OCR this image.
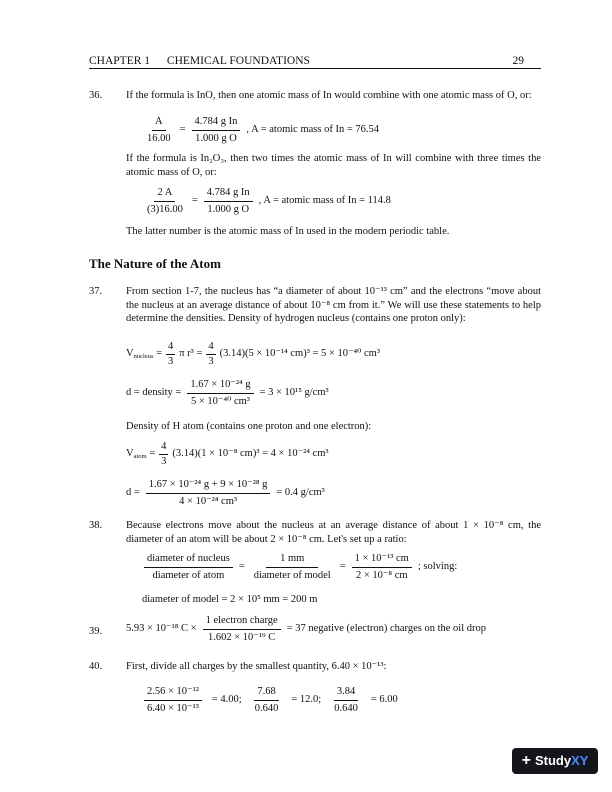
CHAPTER 1 CHEMICAL FOUNDATIONS	29
36. If the formula is InO, then one atomic mass of In would combine with one atomic mass of O, or:
$\frac{A}{16.00} = \frac{\text{4.784 g In}}{\text{1.000 g O}}$ , A = atomic mass of In = 76.54
If the formula is In₂O₃, then two times the atomic mass of In will combine with three times the atomic mass of O, or:
$\frac{2 A}{(3)16.00} = \frac{\text{4.784 g In}}{\text{1.000 g O}}$ , A = atomic mass of In = 114.8
The latter number is the atomic mass of In used in the modern periodic table.
The Nature of the Atom
37. From section 1-7, the nucleus has “a diameter of about 10⁻¹³ cm” and the electrons “move about the nucleus at an average distance of about 10⁻⁸ cm from it.” We will use these statements to help determine the densities. Density of hydrogen nucleus (contains one proton only):
$V_{nucleus} = \frac{4}{3}$ π $r^3 = \frac{4}{3} (3.14)(5 \times 10^{-14}$ cm)³ = 5 × 10⁻⁴⁰ cm³
d = density = $\frac{\text{1.67 × 10⁻²⁴ g}}{\text{5 × 10⁻⁴⁰ cm³}} = 3 \times 10^{15}$ g/cm³
Density of H atom (contains one proton and one electron):
$V_{atom} = \frac{4}{3} (3.14)(1 \times 10^{-8}$ cm)³ = 4 × 10⁻²⁴ cm³
$d = \frac{\text{1.67 × 10⁻²⁴ g + 9 × 10⁻²⁸ g}}{\text{4 × 10⁻²⁴ cm³}} = 0.4$ g/cm³
38. Because electrons move about the nucleus at an average distance of about 1 × 10⁻⁸ cm, the diameter of an atom will be about 2 × 10⁻⁸ cm. Let's set up a ratio:
$\frac{\text{diameter of nucleus}}{\text{diameter of atom}} = \frac{1 mm}{\text{diameter of model}} = \frac{\text{1 × 10⁻¹³ cm}}{\text{2 × 10⁻⁸ cm}}$ ; solving:
diameter of model = 2 × 10⁵ mm = 200 m
39. 5.93 × 10⁻¹⁸ $C \times \frac{\text{1 electron charge}}{\text{1.602 × 10⁻¹⁹ C}} = 37$ negative (electron) charges on the oil drop
40. First, divide all charges by the smallest quantity, 6.40 × 10⁻¹³:
$\frac{\text{2.56 × 10⁻¹²}}{\text{6.40 × 10⁻¹³}} = 4.00$; $\frac{7.68}{0.640} = 12.0$; $\frac{3.84}{0.640} = 6.00$
+ StudyXY
